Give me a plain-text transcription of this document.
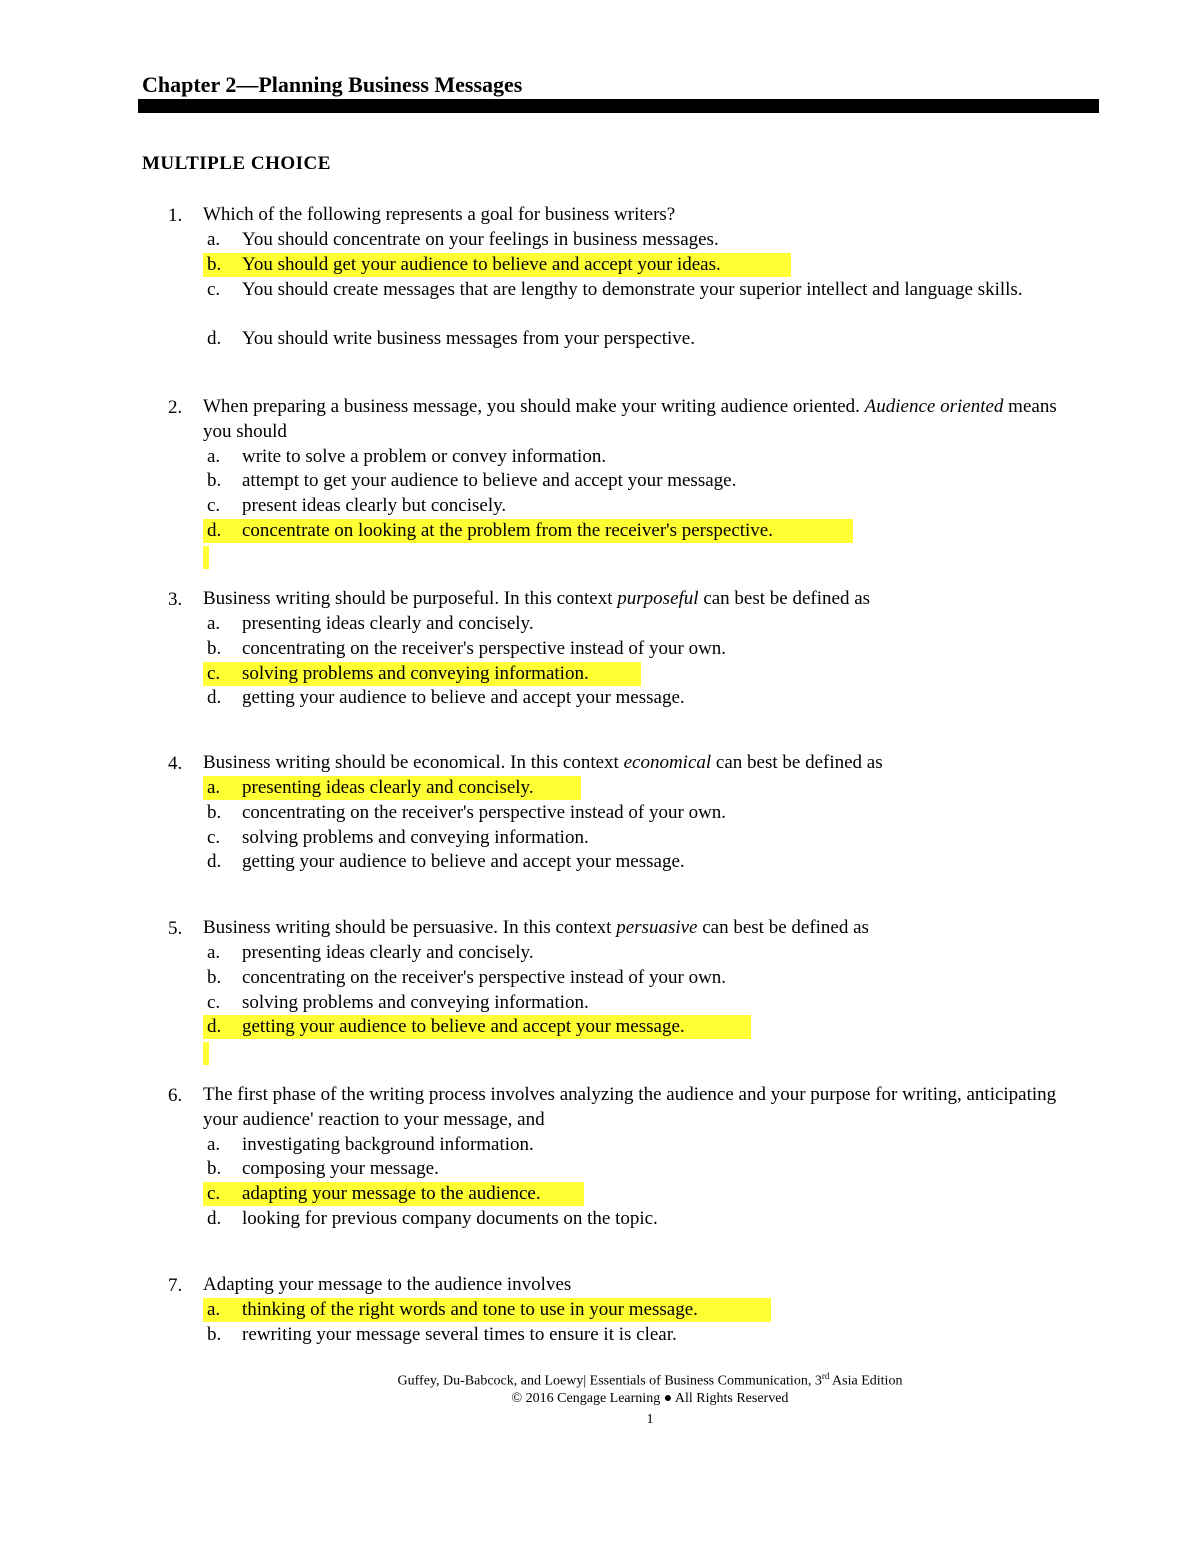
Chapter 2—Planning Business Messages
MULTIPLE CHOICE
1. Which of the following represents a goal for business writers?
a. You should concentrate on your feelings in business messages.
b. You should get your audience to believe and accept your ideas.
c. You should create messages that are lengthy to demonstrate your superior intellect and language skills.
d. You should write business messages from your perspective.
2. When preparing a business message, you should make your writing audience oriented. Audience oriented means you should
a. write to solve a problem or convey information.
b. attempt to get your audience to believe and accept your message.
c. present ideas clearly but concisely.
d. concentrate on looking at the problem from the receiver's perspective.
3. Business writing should be purposeful. In this context purposeful can best be defined as
a. presenting ideas clearly and concisely.
b. concentrating on the receiver's perspective instead of your own.
c. solving problems and conveying information.
d. getting your audience to believe and accept your message.
4. Business writing should be economical. In this context economical can best be defined as
a. presenting ideas clearly and concisely.
b. concentrating on the receiver's perspective instead of your own.
c. solving problems and conveying information.
d. getting your audience to believe and accept your message.
5. Business writing should be persuasive. In this context persuasive can best be defined as
a. presenting ideas clearly and concisely.
b. concentrating on the receiver's perspective instead of your own.
c. solving problems and conveying information.
d. getting your audience to believe and accept your message.
6. The first phase of the writing process involves analyzing the audience and your purpose for writing, anticipating your audience' reaction to your message, and
a. investigating background information.
b. composing your message.
c. adapting your message to the audience.
d. looking for previous company documents on the topic.
7. Adapting your message to the audience involves
a. thinking of the right words and tone to use in your message.
b. rewriting your message several times to ensure it is clear.
Guffey, Du-Babcock, and Loewy| Essentials of Business Communication, 3rd Asia Edition
© 2016 Cengage Learning ● All Rights Reserved
1
